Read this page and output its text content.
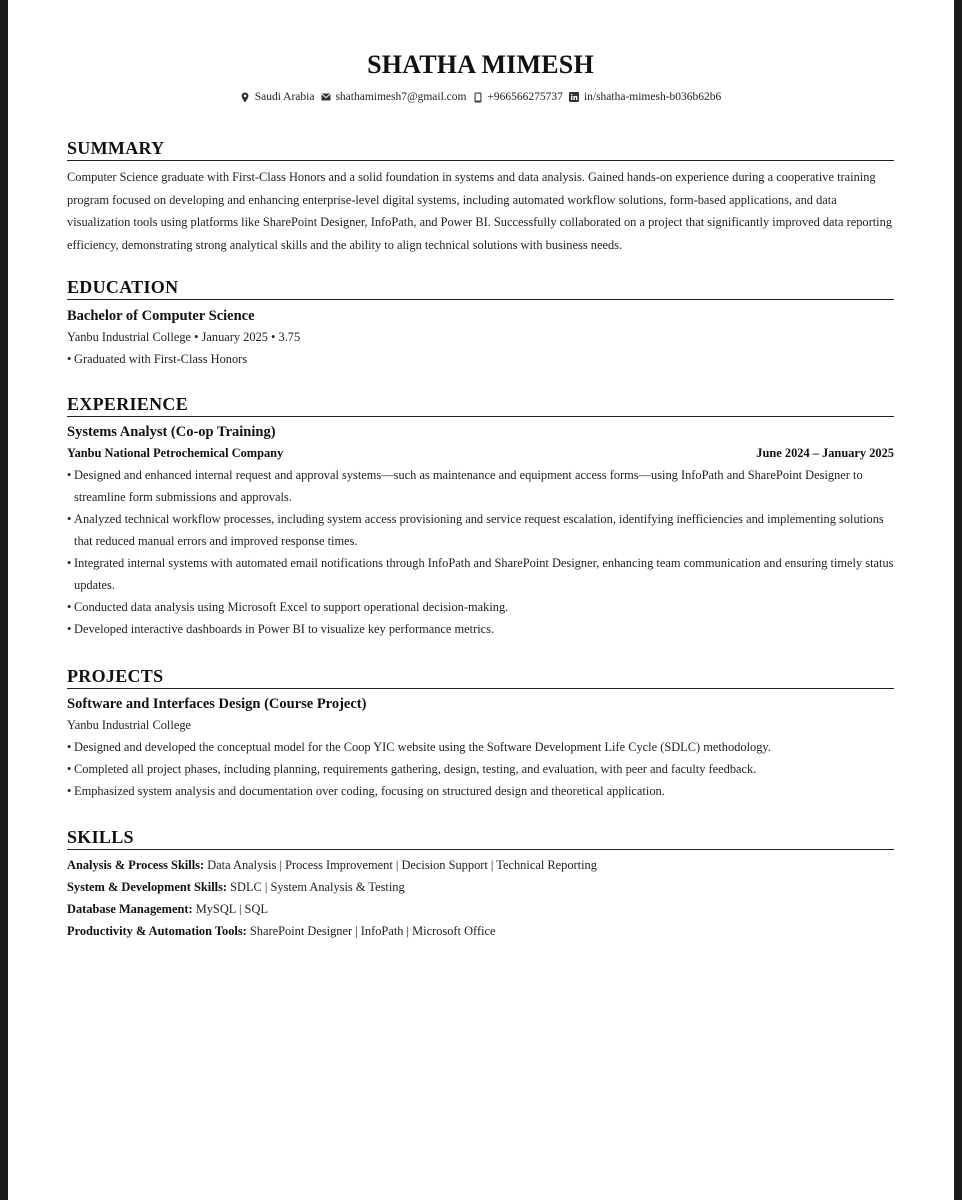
SHATHA MIMESH
Saudi Arabia shathamimesh7@gmail.com +966566275737 in/shatha-mimesh-b036b62b6
SUMMARY
Computer Science graduate with First-Class Honors and a solid foundation in systems and data analysis. Gained hands-on experience during a cooperative training program focused on developing and enhancing enterprise-level digital systems, including automated workflow solutions, form-based applications, and data visualization tools using platforms like SharePoint Designer, InfoPath, and Power BI. Successfully collaborated on a project that significantly improved data reporting efficiency, demonstrating strong analytical skills and the ability to align technical solutions with business needs.
EDUCATION
Bachelor of Computer Science
Yanbu Industrial College • January 2025 • 3.75
• Graduated with First-Class Honors
EXPERIENCE
Systems Analyst (Co-op Training)
Yanbu National Petrochemical Company	June 2024 – January 2025
• Designed and enhanced internal request and approval systems—such as maintenance and equipment access forms—using InfoPath and SharePoint Designer to streamline form submissions and approvals.
• Analyzed technical workflow processes, including system access provisioning and service request escalation, identifying inefficiencies and implementing solutions that reduced manual errors and improved response times.
• Integrated internal systems with automated email notifications through InfoPath and SharePoint Designer, enhancing team communication and ensuring timely status updates.
• Conducted data analysis using Microsoft Excel to support operational decision-making.
• Developed interactive dashboards in Power BI to visualize key performance metrics.
PROJECTS
Software and Interfaces Design (Course Project)
Yanbu Industrial College
• Designed and developed the conceptual model for the Coop YIC website using the Software Development Life Cycle (SDLC) methodology.
• Completed all project phases, including planning, requirements gathering, design, testing, and evaluation, with peer and faculty feedback.
• Emphasized system analysis and documentation over coding, focusing on structured design and theoretical application.
SKILLS
Analysis & Process Skills: Data Analysis | Process Improvement | Decision Support | Technical Reporting
System & Development Skills: SDLC | System Analysis & Testing
Database Management: MySQL | SQL
Productivity & Automation Tools: SharePoint Designer | InfoPath | Microsoft Office
